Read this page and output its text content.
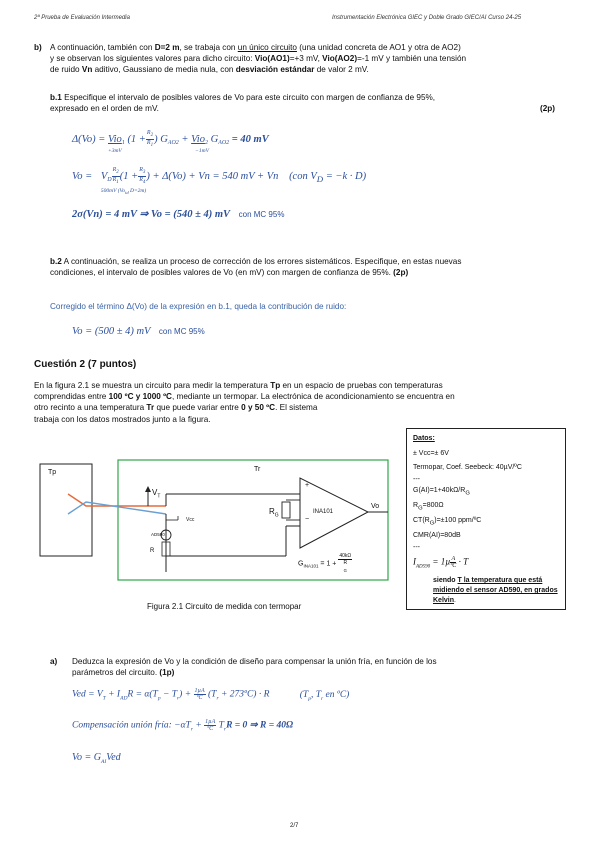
2ª Prueba de Evaluación Intermedia	Instrumentación Electrónica GIEC y Doble Grado GIEC/AI Curso 24-25
b) A continuación, también con D=2 m, se trabaja con un único circuito (una unidad concreta de AO1 y otra de AO2)
y se observan los siguientes valores para dicho circuito: Vio(AO1)=+3 mV, Vio(AO2)=-1 mV y también una tensión
de ruido Vn aditivo, Gaussiano de media nula, con desviación estándar de valor 2 mV.
b.1 Especifique el intervalo de posibles valores de Vo para este circuito con margen de confianza de 95%,
expresado en el orden de mV.	(2p)
Δ(Vo) = Vio$_1$
+3mV
($1 + \frac{R_2}{R_1}$ ) $G_{AO2} + Vio_2$
−1mV
$G_{AO2} = 40$ mV
$Vo = V_D \frac{R_2}{R_1} (1 + \frac{R_3}{R_4}$ )
500mV ($Vo_{id}$ D=2m)
+ Δ(Vo) + Vn = 540 mV + Vn (con $V_D = -k \cdot D$)
2σ(Vn) = 4 mV ⇒ Vo = (540 ± 4) mV con MC 95%
b.2 A continuación, se realiza un proceso de corrección de los errores sistemáticos. Especifique, en estas nuevas
condiciones, el intervalo de posibles valores de Vo (en mV) con margen de confianza de 95%. (2p)
Corregido el término Δ(Vo) de la expresión en b.1, queda la contribución de ruido:
Vo = (500 ± 4) mV con MC 95%
Cuestión 2 (7 puntos)
En la figura 2.1 se muestra un circuito para medir la temperatura Tp en un espacio de pruebas con temperaturas
comprendidas entre 100 ºC y 1000 ºC, mediante un termopar. La electrónica de acondicionamiento se encuentra en
otro recinto a una temperatura Tr que puede variar entre 0 y 50 ºC. El sistema
trabaja con los datos mostrados junto a la figura.
Datos:
± Vcc=± 6V
Termopar, Coef. Seebeck: 40µV/ºC
---
$G(AI)=1+40k\Omega/R_G$
$R_G=800\Omega$
$CT(R_G)=\pm 100$ ppm/ºC
CMR(AI)=80dB
---
$I_{AD590} = 1\mu \frac{A}{\text{ºC}} \cdot T$
siendo T la temperatura que está midiendo el sensor AD590, en grados Kelvin.
Tp	Tr
$V_T$
Vcc
AD590
R
$R_G$
+
−
INA101
Vo
$G_{INA101} = 1 + 40k\Omega$
R
$_G$
Figura 2.1 Circuito de medida con termopar
a) Deduzca la expresión de Vo y la condición de diseño para compensar la unión fría, en función de los
parámetros del circuito. (1p)
Ved = $V_T + I_{AD}R = \alpha(T_p - T_r) + \frac{\text{1µA}}{\text{ºC}} (T_r$ + 273ºC) · R	($T_p$, $T_r$ en ºC)
Compensación unión fría: $-\alpha T_r + \frac{\text{1µA}}{\text{ºC}} T_rR = 0$ ⇒ R = 40Ω
$Vo = G_{AI}Ved$
2/7
